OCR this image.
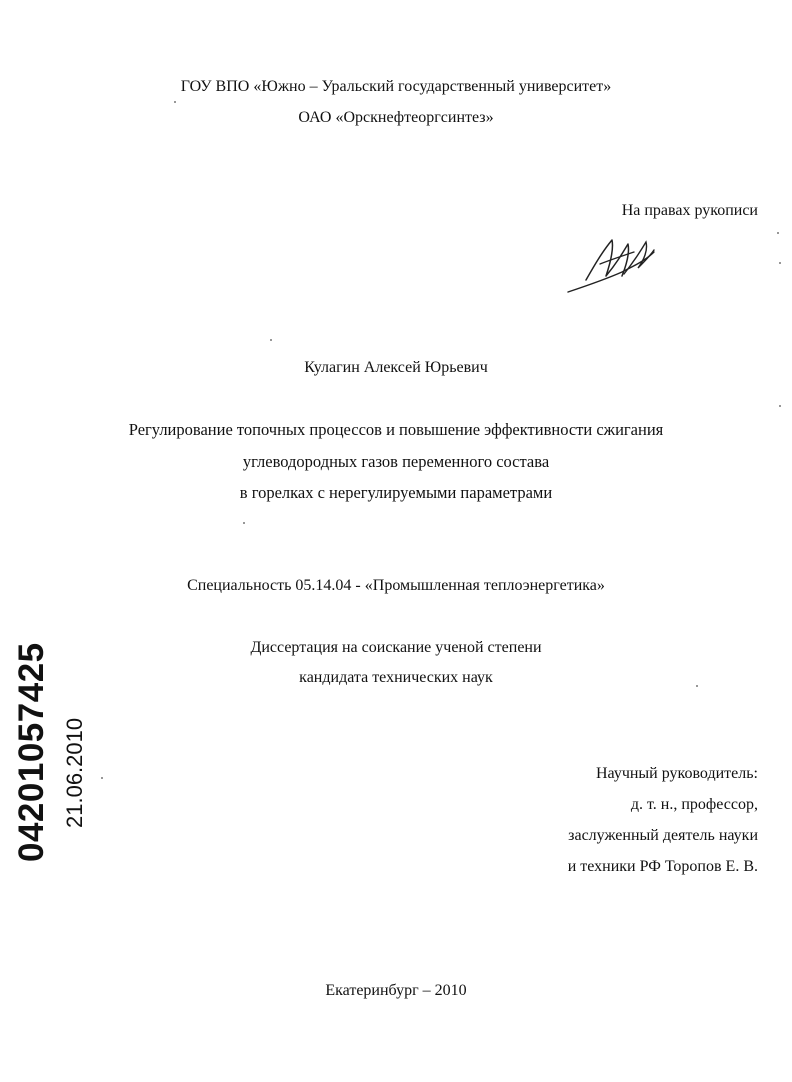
ГОУ ВПО «Южно – Уральский государственный университет»
ОАО «Орскнефтеоргсинтез»
На правах рукописи
Кулагин Алексей Юрьевич
Регулирование топочных процессов и повышение эффективности сжигания
углеводородных газов переменного состава
в горелках с нерегулируемыми параметрами
Специальность 05.14.04 - «Промышленная теплоэнергетика»
Диссертация на соискание ученой степени
кандидата технических наук
Научный руководитель:
д. т. н., профессор,
заслуженный деятель науки
и техники РФ Торопов Е. В.
Екатеринбург – 2010
04201057425 21.06.2010
